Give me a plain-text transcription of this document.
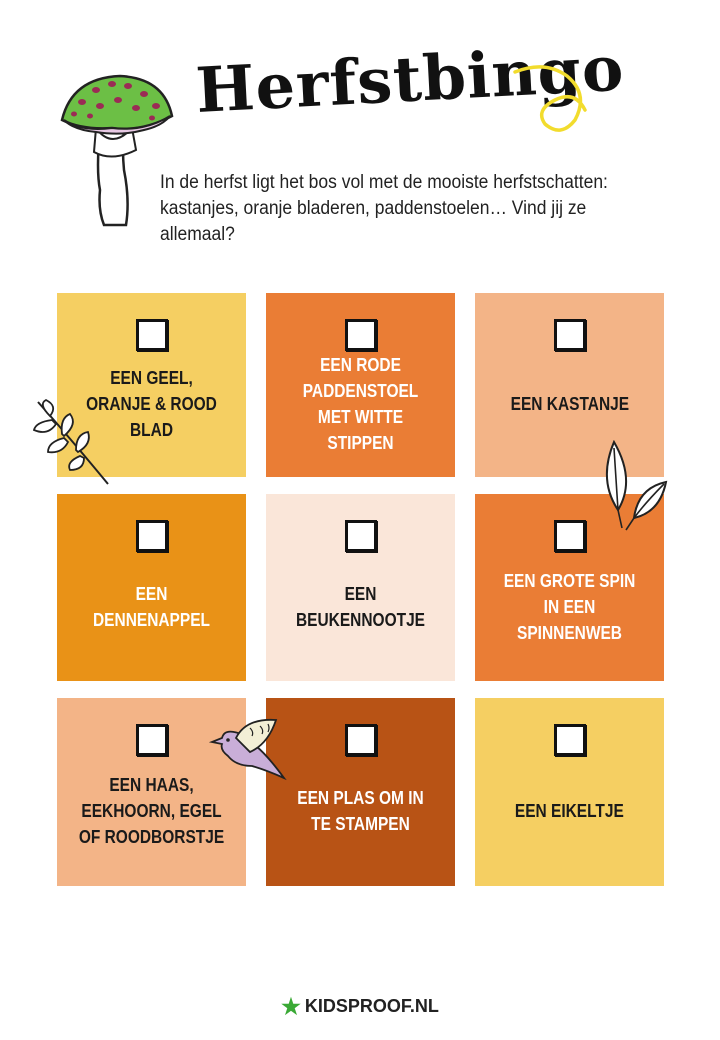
Herfstbingo
In de herfst ligt het bos vol met de mooiste herfstschatten:
kastanjes, oranje bladeren, paddenstoelen… Vind jij ze allemaal?
EEN GEEL, ORANJE & ROOD BLAD
EEN RODE PADDENSTOEL MET WITTE STIPPEN
EEN KASTANJE
EEN DENNENAPPEL
EEN BEUKENNOOTJE
EEN GROTE SPIN IN EEN SPINNENWEB
EEN HAAS, EEKHOORN, EGEL OF ROODBORSTJE
EEN PLAS OM IN TE STAMPEN
EEN EIKELTJE
★ KIDSPROOF.NL
